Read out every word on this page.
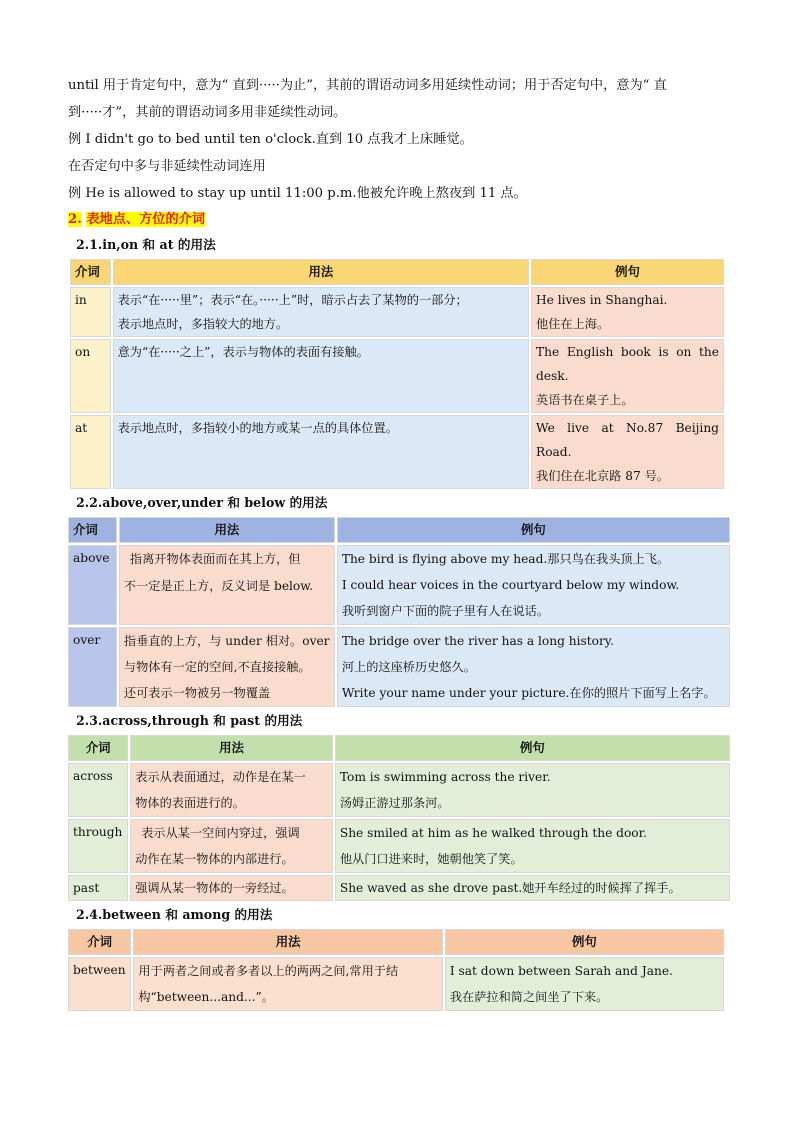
until 用于肯定句中，意为“ 直到·····为止”，其前的谓语动词多用延续性动词；用于否定句中，意为“ 直

到·····才”，其前的谓语动词多用非延续性动词。

例 I didn't go to bed until ten o'clock.直到 10 点我才上床睡觉。

在否定句中多与非延续性动词连用

例 He is allowed to stay up until 11:00 p.m.他被允许晚上熬夜到 11 点。

2. 表地点、方位的介词

2.1.in,on 和 at 的用法

介词	用法	例句
in	表示“在·····里”；表示“在。·····上”时，暗示占去了某物的一部分；
表示地点时，多指较大的地方。	He lives in Shanghai.
他住在上海。

on	意为“在·····之上”，表示与物体的表面有接触。	The English book is on the
desk.
英语书在桌子上。

at	表示地点时，多指较小的地方或某一点的具体位置。	We live at No.87 Beijing Road.
我们住在北京路 87 号。

2.2.above,over,under 和 below 的用法

介词	用法	例句
above	指离开物体表面而在其上方，但
不一定是正上方，反义词是 below.	The bird is flying above my head.那只鸟在我头顶上飞。
I could hear voices in the courtyard below my window.
我听到窗户下面的院子里有人在说话。

over	指垂直的上方，与 under 相对。over
与物体有一定的空间,不直接接触。
还可表示一物被另一物覆盖	The bridge over the river has a long history.
河上的这座桥历史悠久。
Write your name under your picture.在你的照片下面写上名字。

2.3.across,through 和 past 的用法

介词	用法	例句
across	表示从表面通过，动作是在某一
物体的表面进行的。	Tom is swimming across the river.
汤姆正游过那条河。

through	表示从某一空间内穿过，强调
动作在某一物体的内部进行。	She smiled at him as he walked through the door.
他从门口进来时，她朝他笑了笑。

past	强调从某一物体的一旁经过。	She waved as she drove past.她开车经过的时候挥了挥手。

2.4.between 和 among 的用法

介词	用法	例句
between	用于两者之间或者多者以上的两两之间,常用于结
构“between...and...”。	I sat down between Sarah and Jane.
我在萨拉和简之间坐了下来。
